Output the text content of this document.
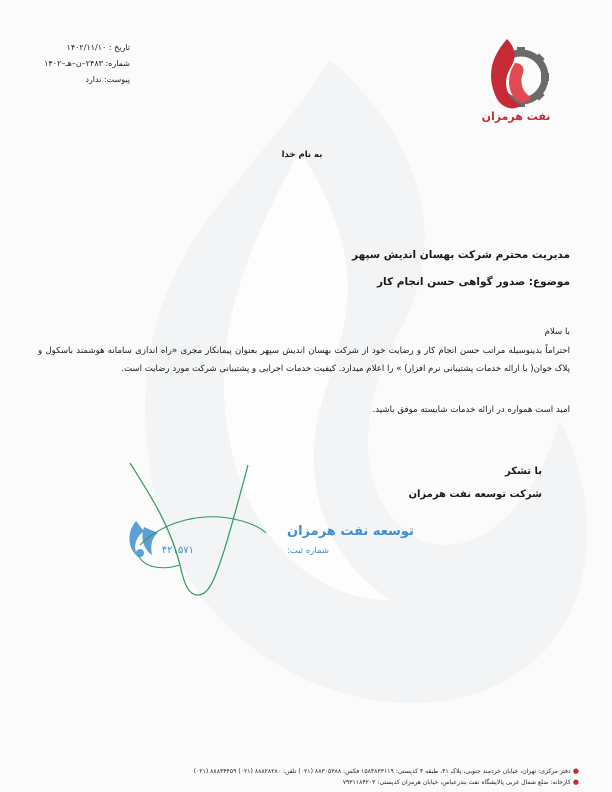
تاریخ : ۱۴۰۲/۱۱/۱۰
شماره: ۲۴۸۳–ن–هـ–۱۴۰۲
پیوست: ندارد
نفت هرمزان
به نام خدا
مدیریت محترم شرکت بهسان اندیش سپهر
موضوع: صدور گواهی حسن انجام کار
با سلام
احتراماً بدینوسیله مراتب حسن انجام کار و رضایت خود از شرکت بهسان اندیش سپهر بعنوان پیمانکار مجری «راه اندازی سامانه هوشمند باسکول و پلاک خوان( با ارائه خدمات پشتیبانی نرم افزار) » را اعلام میدارد. کیفیت خدمات اجرایی و پشتیبانی شرکت مورد رضایت است.
امید است همواره در ارائه خدمات شایسته موفق باشید.
با تشکر
شرکت توسعه نفت هرمزان
توسعه نفت هرمزان
شماره ثبت:
۴۲۱۵۷۱
● دفتر مرکزی: تهران، خیابان خردمند جنوبی، پلاک ۴۱، طبقه ۴ کدپستی: ۱۵۸۴۸۳۳۱۱۹ فکس: ۸۸۳۰۵۳۸۸ (۰۲۱) تلفن: ۸۸۸۲۸۲۸۰ (۰۲۱) ۸۸۸۴۴۴۵۹ (۰۲۱)
● کارخانه: ضلع شمال غربی پالایشگاه نفت بندرعباس، خیابان هرمزان کدپستی: ۷۹۳۱۱۸۴۲۰۳
